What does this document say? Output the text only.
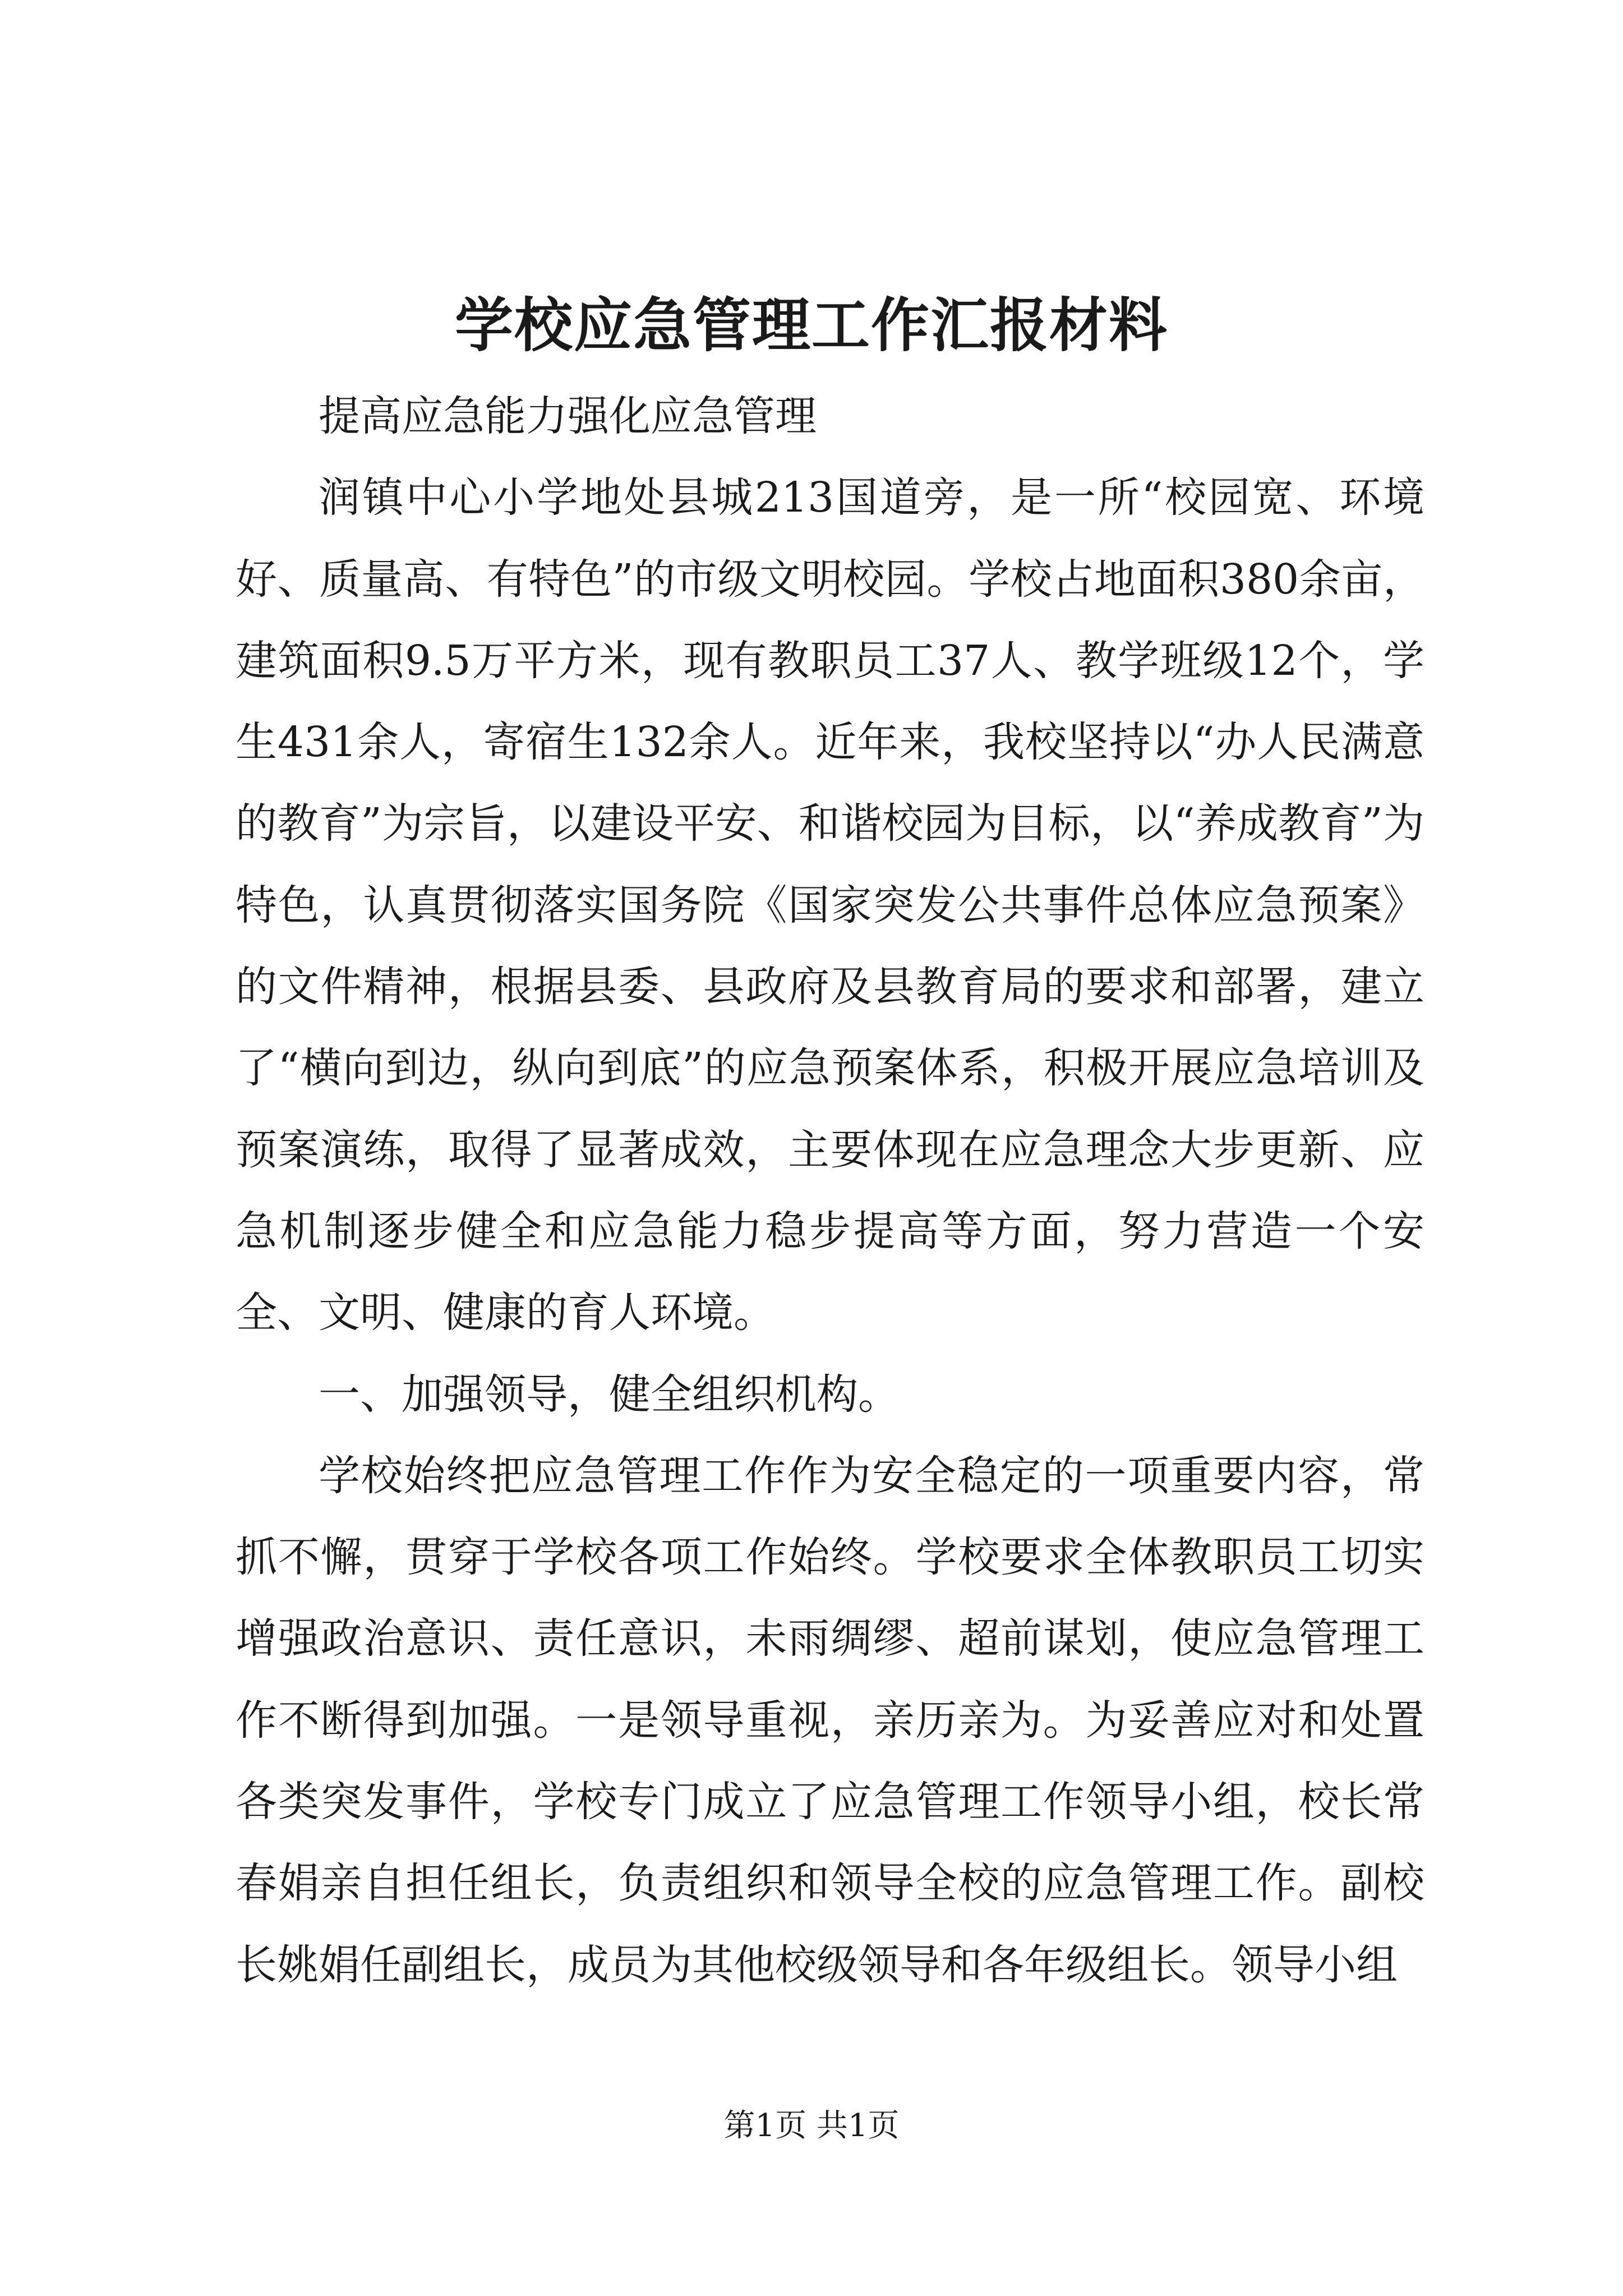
学校应急管理工作汇报材料

提高应急能力强化应急管理

润镇中心小学地处县城213国道旁，是一所“校园宽、环境好、质量高、有特色”的市级文明校园。学校占地面积380余亩，建筑面积9.5万平方米，现有教职员工37人、教学班级12个，学生431余人，寄宿生132余人。近年来，我校坚持以“办人民满意的教育”为宗旨，以建设平安、和谐校园为目标，以“养成教育”为特色，认真贯彻落实国务院《国家突发公共事件总体应急预案》的文件精神，根据县委、县政府及县教育局的要求和部署，建立了“横向到边，纵向到底”的应急预案体系，积极开展应急培训及预案演练，取得了显著成效，主要体现在应急理念大步更新、应急机制逐步健全和应急能力稳步提高等方面，努力营造一个安全、文明、健康的育人环境。

一、加强领导，健全组织机构。

学校始终把应急管理工作作为安全稳定的一项重要内容，常抓不懈，贯穿于学校各项工作始终。学校要求全体教职员工切实增强政治意识、责任意识，未雨绸缪、超前谋划，使应急管理工作不断得到加强。一是领导重视，亲历亲为。为妥善应对和处置各类突发事件，学校专门成立了应急管理工作领导小组，校长常春娟亲自担任组长，负责组织和领导全校的应急管理工作。副校长姚娟任副组长，成员为其他校级领导和各年级组长。领导小组

第1页 共1页
